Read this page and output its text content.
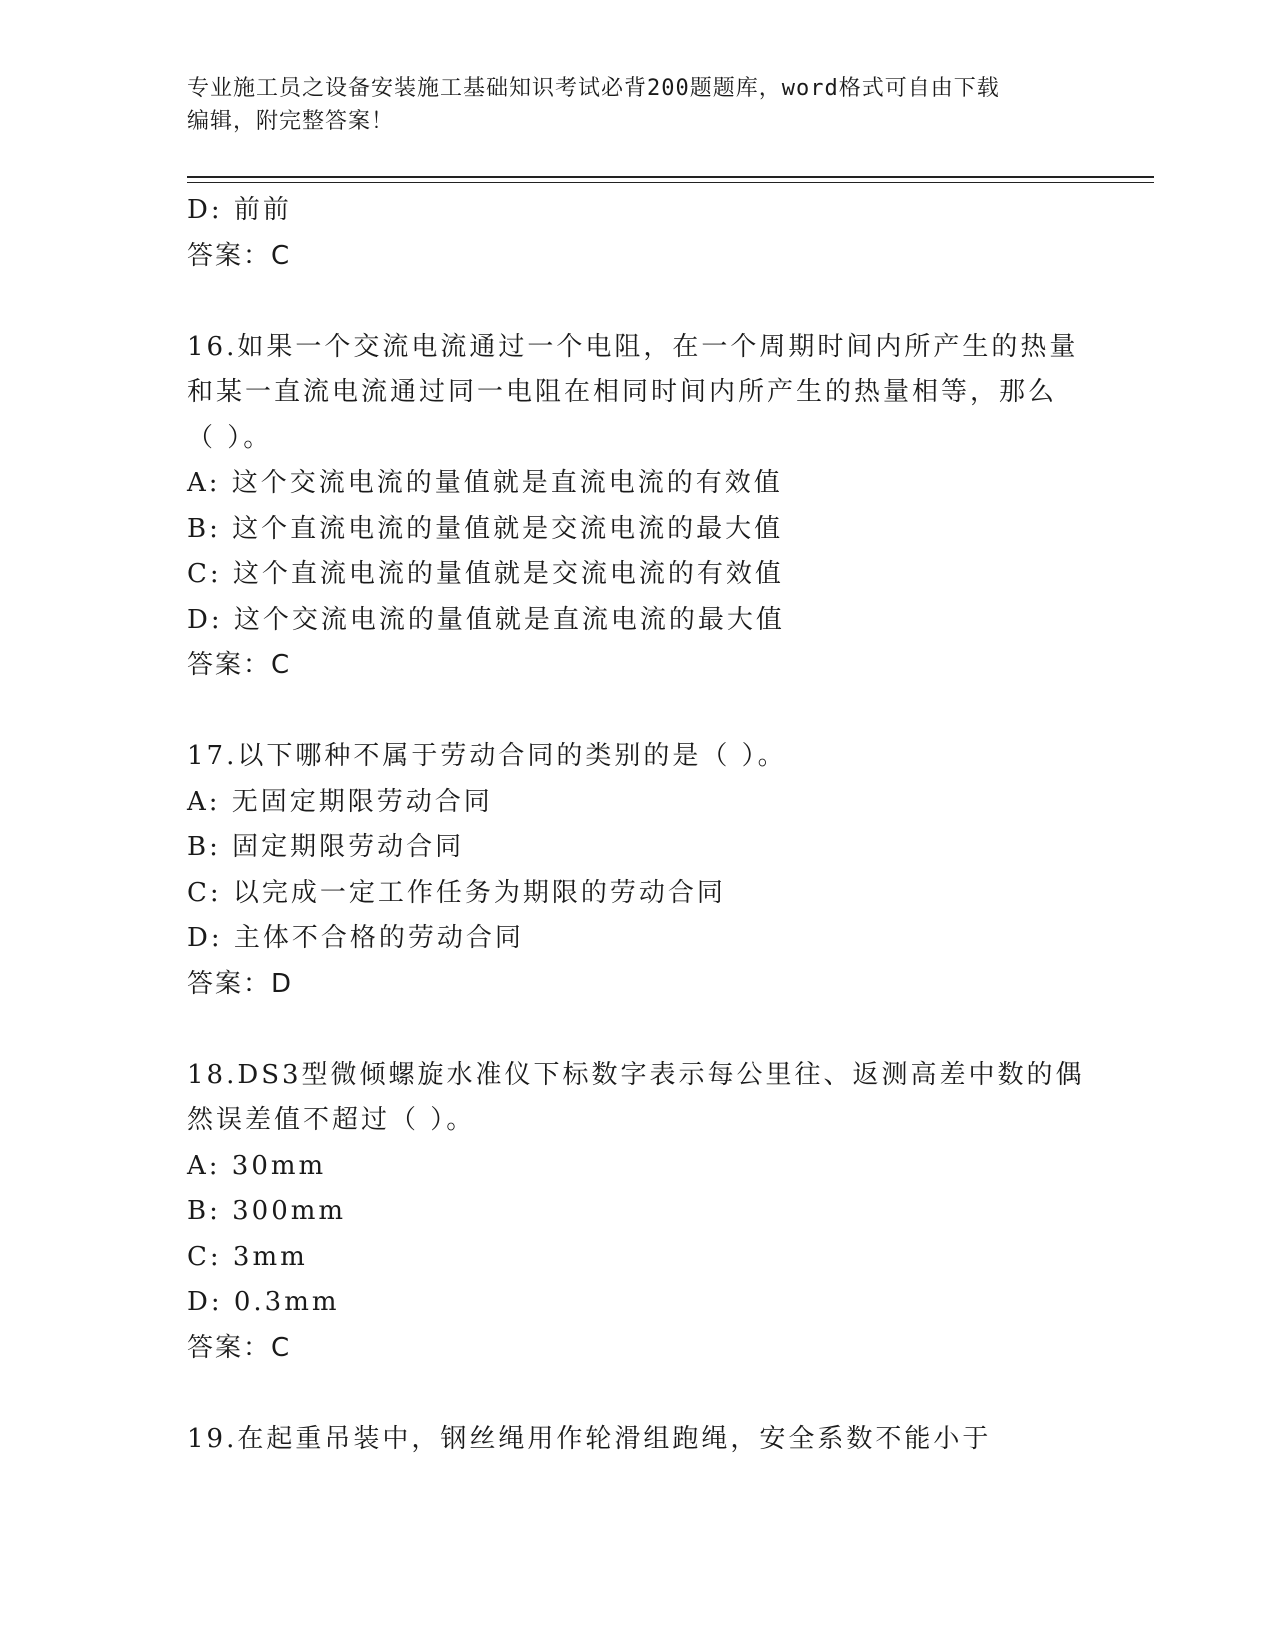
专业施工员之设备安装施工基础知识考试必背200题题库，word格式可自由下载
编辑，附完整答案！
D: 前前
答案：C
16.如果一个交流电流通过一个电阻，在一个周期时间内所产生的热量
和某一直流电流通过同一电阻在相同时间内所产生的热量相等，那么
（ ）。
A: 这个交流电流的量值就是直流电流的有效值
B: 这个直流电流的量值就是交流电流的最大值
C: 这个直流电流的量值就是交流电流的有效值
D: 这个交流电流的量值就是直流电流的最大值
答案：C
17.以下哪种不属于劳动合同的类别的是（ ）。
A: 无固定期限劳动合同
B: 固定期限劳动合同
C: 以完成一定工作任务为期限的劳动合同
D: 主体不合格的劳动合同
答案：D
18.DS3型微倾螺旋水准仪下标数字表示每公里往、返测高差中数的偶
然误差值不超过（ ）。
A: 30mm
B: 300mm
C: 3mm
D: 0.3mm
答案：C
19.在起重吊装中，钢丝绳用作轮滑组跑绳，安全系数不能小于
